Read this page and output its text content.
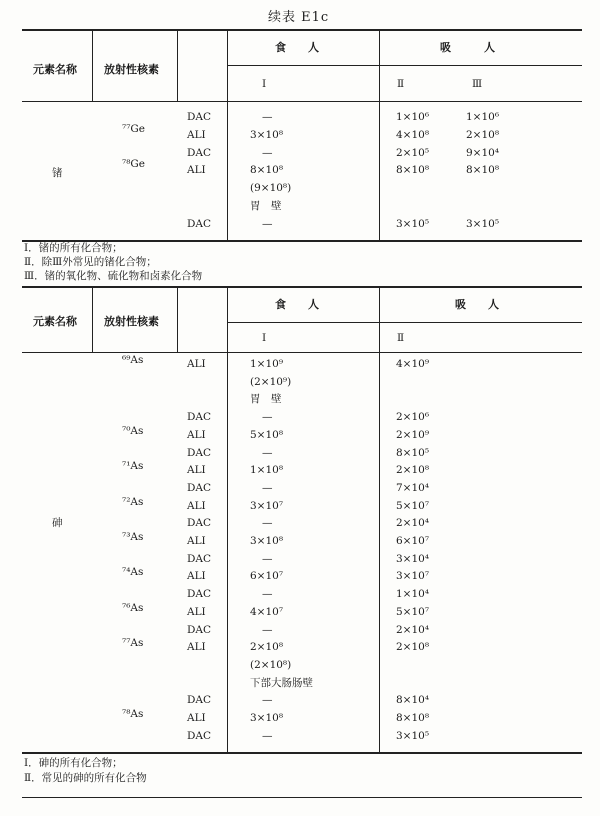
续表 E1c
元素名称 放射性核素
食　　人	吸　　　人
I	Ⅱ	Ⅲ
锗
DAC	—	1×10⁶	1×10⁶
⁷⁷Ge	ALI	3×10⁸	4×10⁸	2×10⁸
DAC	—	2×10⁵	9×10⁴
⁷⁸Ge	ALI	8×10⁸	8×10⁸	8×10⁸
(9×10⁸)
胃　壁
DAC	—	3×10⁵	3×10⁵
Ⅰ．锗的所有化合物；
Ⅱ．除Ⅲ外常见的锗化合物；
Ⅲ．锗的氧化物、硫化物和卤素化合物
元素名称 放射性核素
食　　人	吸　　人
I	Ⅱ
砷
⁶⁹As	ALI	1×10⁹	4×10⁹
(2×10⁹)
胃　壁
DAC	—	2×10⁶
⁷⁰As	ALI	5×10⁸	2×10⁹
DAC	—	8×10⁵
⁷¹As	ALI	1×10⁸	2×10⁸
DAC	—	7×10⁴
⁷²As	ALI	3×10⁷	5×10⁷
DAC	—	2×10⁴
⁷³As	ALI	3×10⁸	6×10⁷
DAC	—	3×10⁴
⁷⁴As	ALI	6×10⁷	3×10⁷
DAC	—	1×10⁴
⁷⁶As	ALI	4×10⁷	5×10⁷
DAC	—	2×10⁴
⁷⁷As	ALI	2×10⁸	2×10⁸
(2×10⁸)
下部大肠肠壁
DAC	—	8×10⁴
⁷⁸As	ALI	3×10⁸	8×10⁸
DAC	—	3×10⁵
Ⅰ．砷的所有化合物；
Ⅱ．常见的砷的所有化合物
